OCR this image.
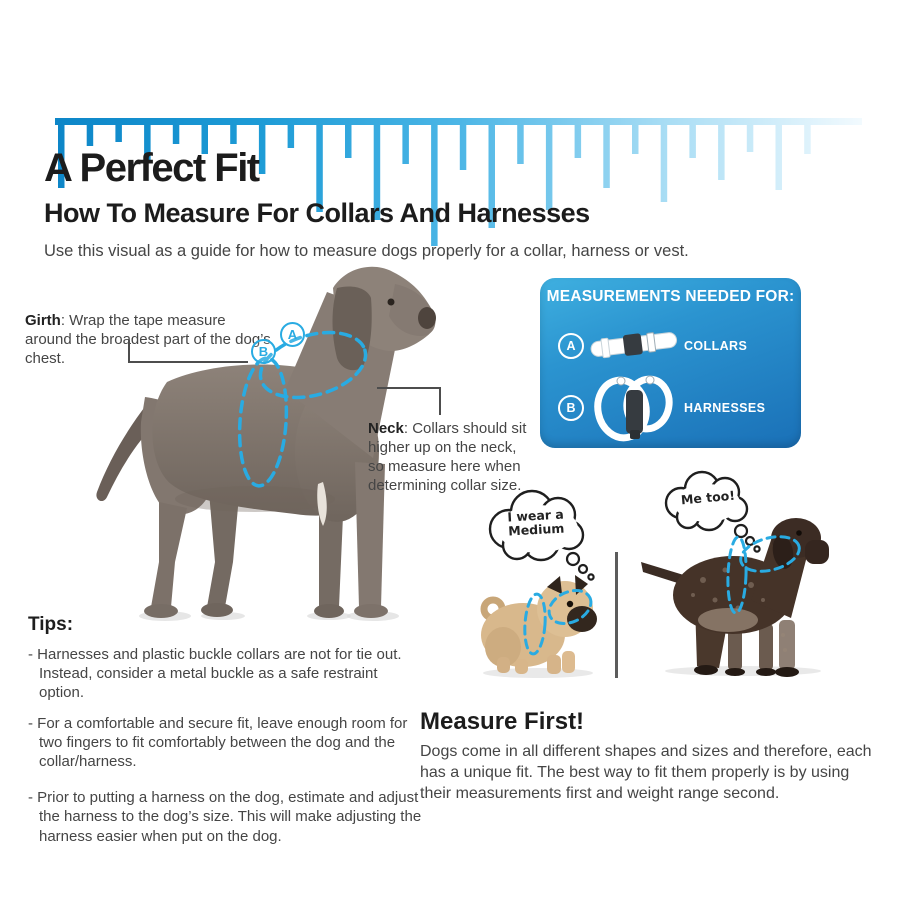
A Perfect Fit
How To Measure For Collars And Harnesses
Use this visual as a guide for how to measure dogs properly for a collar, harness or vest.
Girth: Wrap the tape measure around the broadest part of the dog’s chest.
Neck: Collars should sit higher up on the neck, so measure here when determining collar size.
A
B
MEASUREMENTS NEEDED FOR:
A	COLLARS
B	HARNESSES

Tips:

- Harnesses and plastic buckle collars are not for tie out. Instead, consider a metal buckle as a safe restraint option.

- For a comfortable and secure fit, leave enough room for two fingers to fit comfortably between the dog and the collar/harness.

- Prior to putting a harness on the dog, estimate and adjust the harness to the dog’s size. This will make adjusting the harness easier when put on the dog.

I wear a Medium
Me too!
Measure First!
Dogs come in all different shapes and sizes and therefore, each has a unique fit. The best way to fit them properly is by using their measurements first and weight range second.
